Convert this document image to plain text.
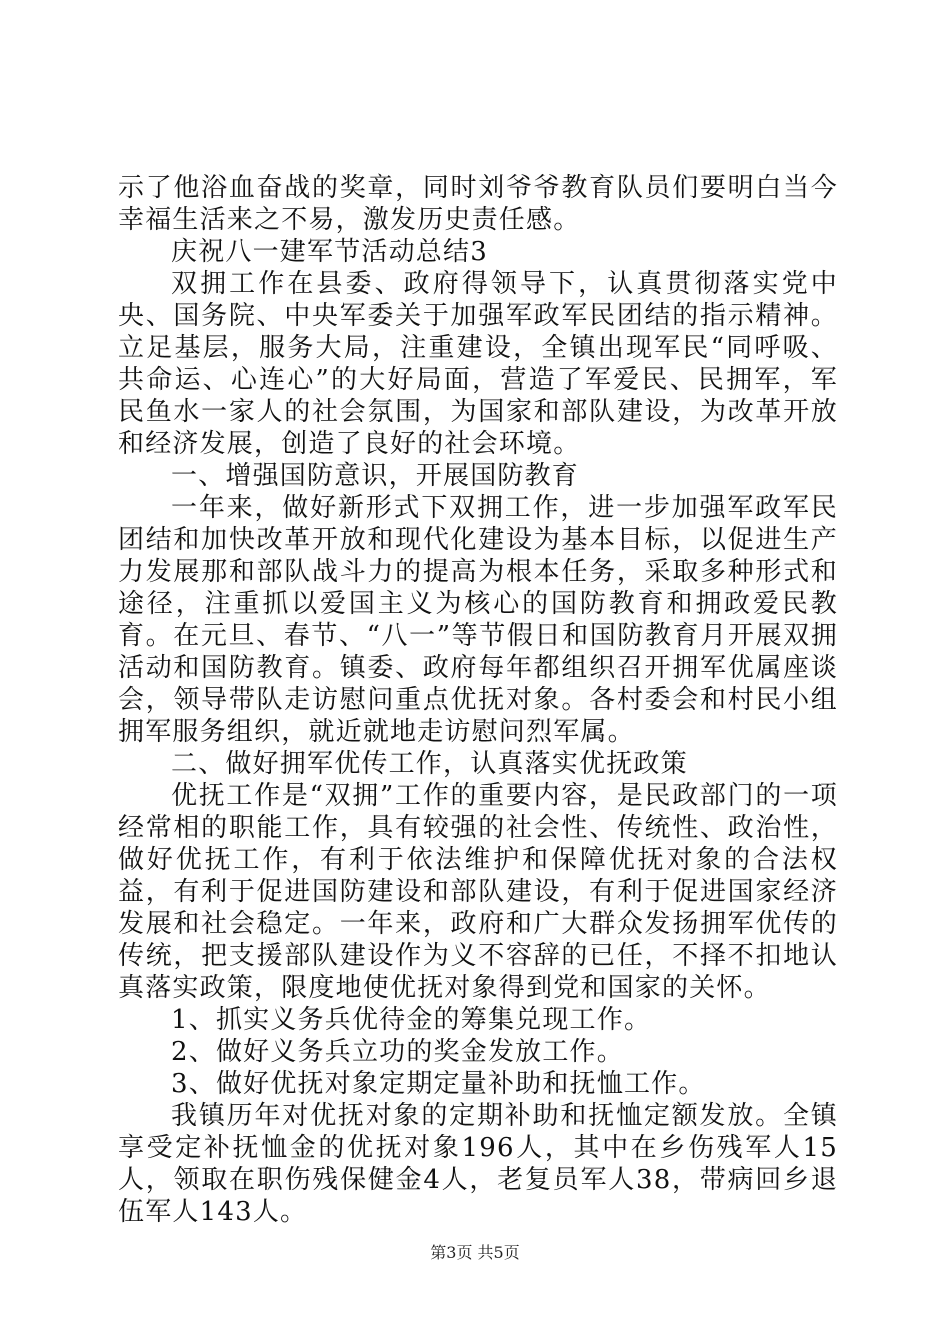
示了他浴血奋战的奖章，同时刘爷爷教育队员们要明白当今幸福生活来之不易，激发历史责任感。

庆祝八一建军节活动总结3

双拥工作在县委、政府得领导下，认真贯彻落实党中央、国务院、中央军委关于加强军政军民团结的指示精神。立足基层，服务大局，注重建设，全镇出现军民“同呼吸、共命运、心连心”的大好局面，营造了军爱民、民拥军，军民鱼水一家人的社会氛围，为国家和部队建设，为改革开放和经济发展，创造了良好的社会环境。

一、增强国防意识，开展国防教育

一年来，做好新形式下双拥工作，进一步加强军政军民团结和加快改革开放和现代化建设为基本目标，以促进生产力发展那和部队战斗力的提高为根本任务，采取多种形式和途径，注重抓以爱国主义为核心的国防教育和拥政爱民教育。在元旦、春节、“八一”等节假日和国防教育月开展双拥活动和国防教育。镇委、政府每年都组织召开拥军优属座谈会，领导带队走访慰问重点优抚对象。各村委会和村民小组拥军服务组织，就近就地走访慰问烈军属。

二、做好拥军优传工作，认真落实优抚政策

优抚工作是“双拥”工作的重要内容，是民政部门的一项经常相的职能工作，具有较强的社会性、传统性、政治性，做好优抚工作，有利于依法维护和保障优抚对象的合法权益，有利于促进国防建设和部队建设，有利于促进国家经济发展和社会稳定。一年来，政府和广大群众发扬拥军优传的传统，把支援部队建设作为义不容辞的已任，不择不扣地认真落实政策，限度地使优抚对象得到党和国家的关怀。

1、抓实义务兵优待金的筹集兑现工作。

2、做好义务兵立功的奖金发放工作。

3、做好优抚对象定期定量补助和抚恤工作。

我镇历年对优抚对象的定期补助和抚恤定额发放。全镇享受定补抚恤金的优抚对象196人，其中在乡伤残军人15人，领取在职伤残保健金4人，老复员军人38，带病回乡退伍军人143人。

第3页 共5页
